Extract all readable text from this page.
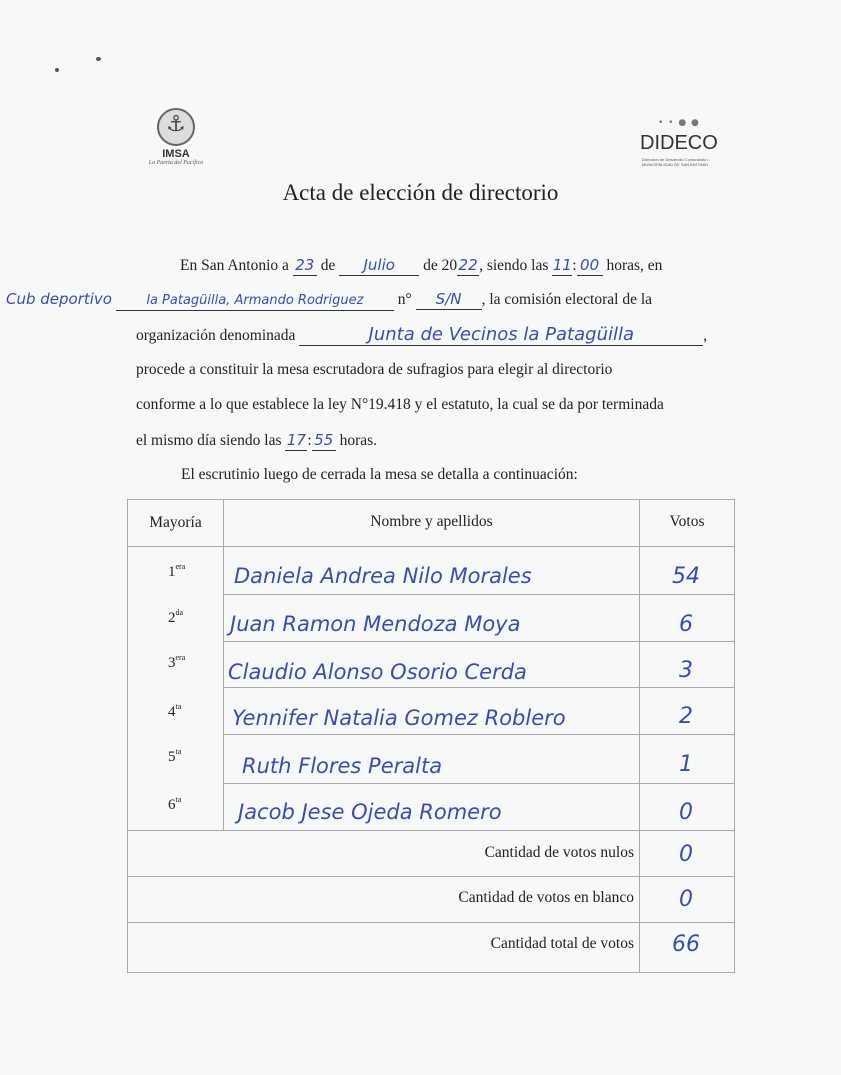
⚓
IMSA
La Puerta del Pacífico
• • ● ●
DIDECO
Dirección de Desarrollo Comunitario I. MUNICIPALIDAD DE SAN ANTONIO
Acta de elección de directorio
En San Antonio a 23 de Julio de 2022, siendo las 11: 00 horas, en
Cub deportivo	la Patagüilla, Armando Rodriguez n° S/N , la comisión electoral de la
organización denominada	Junta de Vecinos la Patagüilla	,
procede a constituir la mesa escrutadora de sufragios para elegir al directorio
conforme a lo que establece la ley N°19.418 y el estatuto, la cual se da por terminada
el mismo día siendo las 17: 55 horas.
El escrutinio luego de cerrada la mesa se detalla a continuación:
Mayoría	Nombre y apellidos	Votos
$1^{era}$ Daniela Andrea Nilo Morales	54
$2^{da}$ Juan Ramon Mendoza Moya	6
$3^{era}$
Claudio Alonso Osorio Cerda	3
$4^{ta}$ Yennifer Natalia Gomez Roblero	2
$5^{ta}$
Ruth Flores Peralta	1
$6^{ta}$
Jacob Jese Ojeda Romero	0
Cantidad de votos nulos	0
Cantidad de votos en blanco	0
Cantidad total de votos	66
